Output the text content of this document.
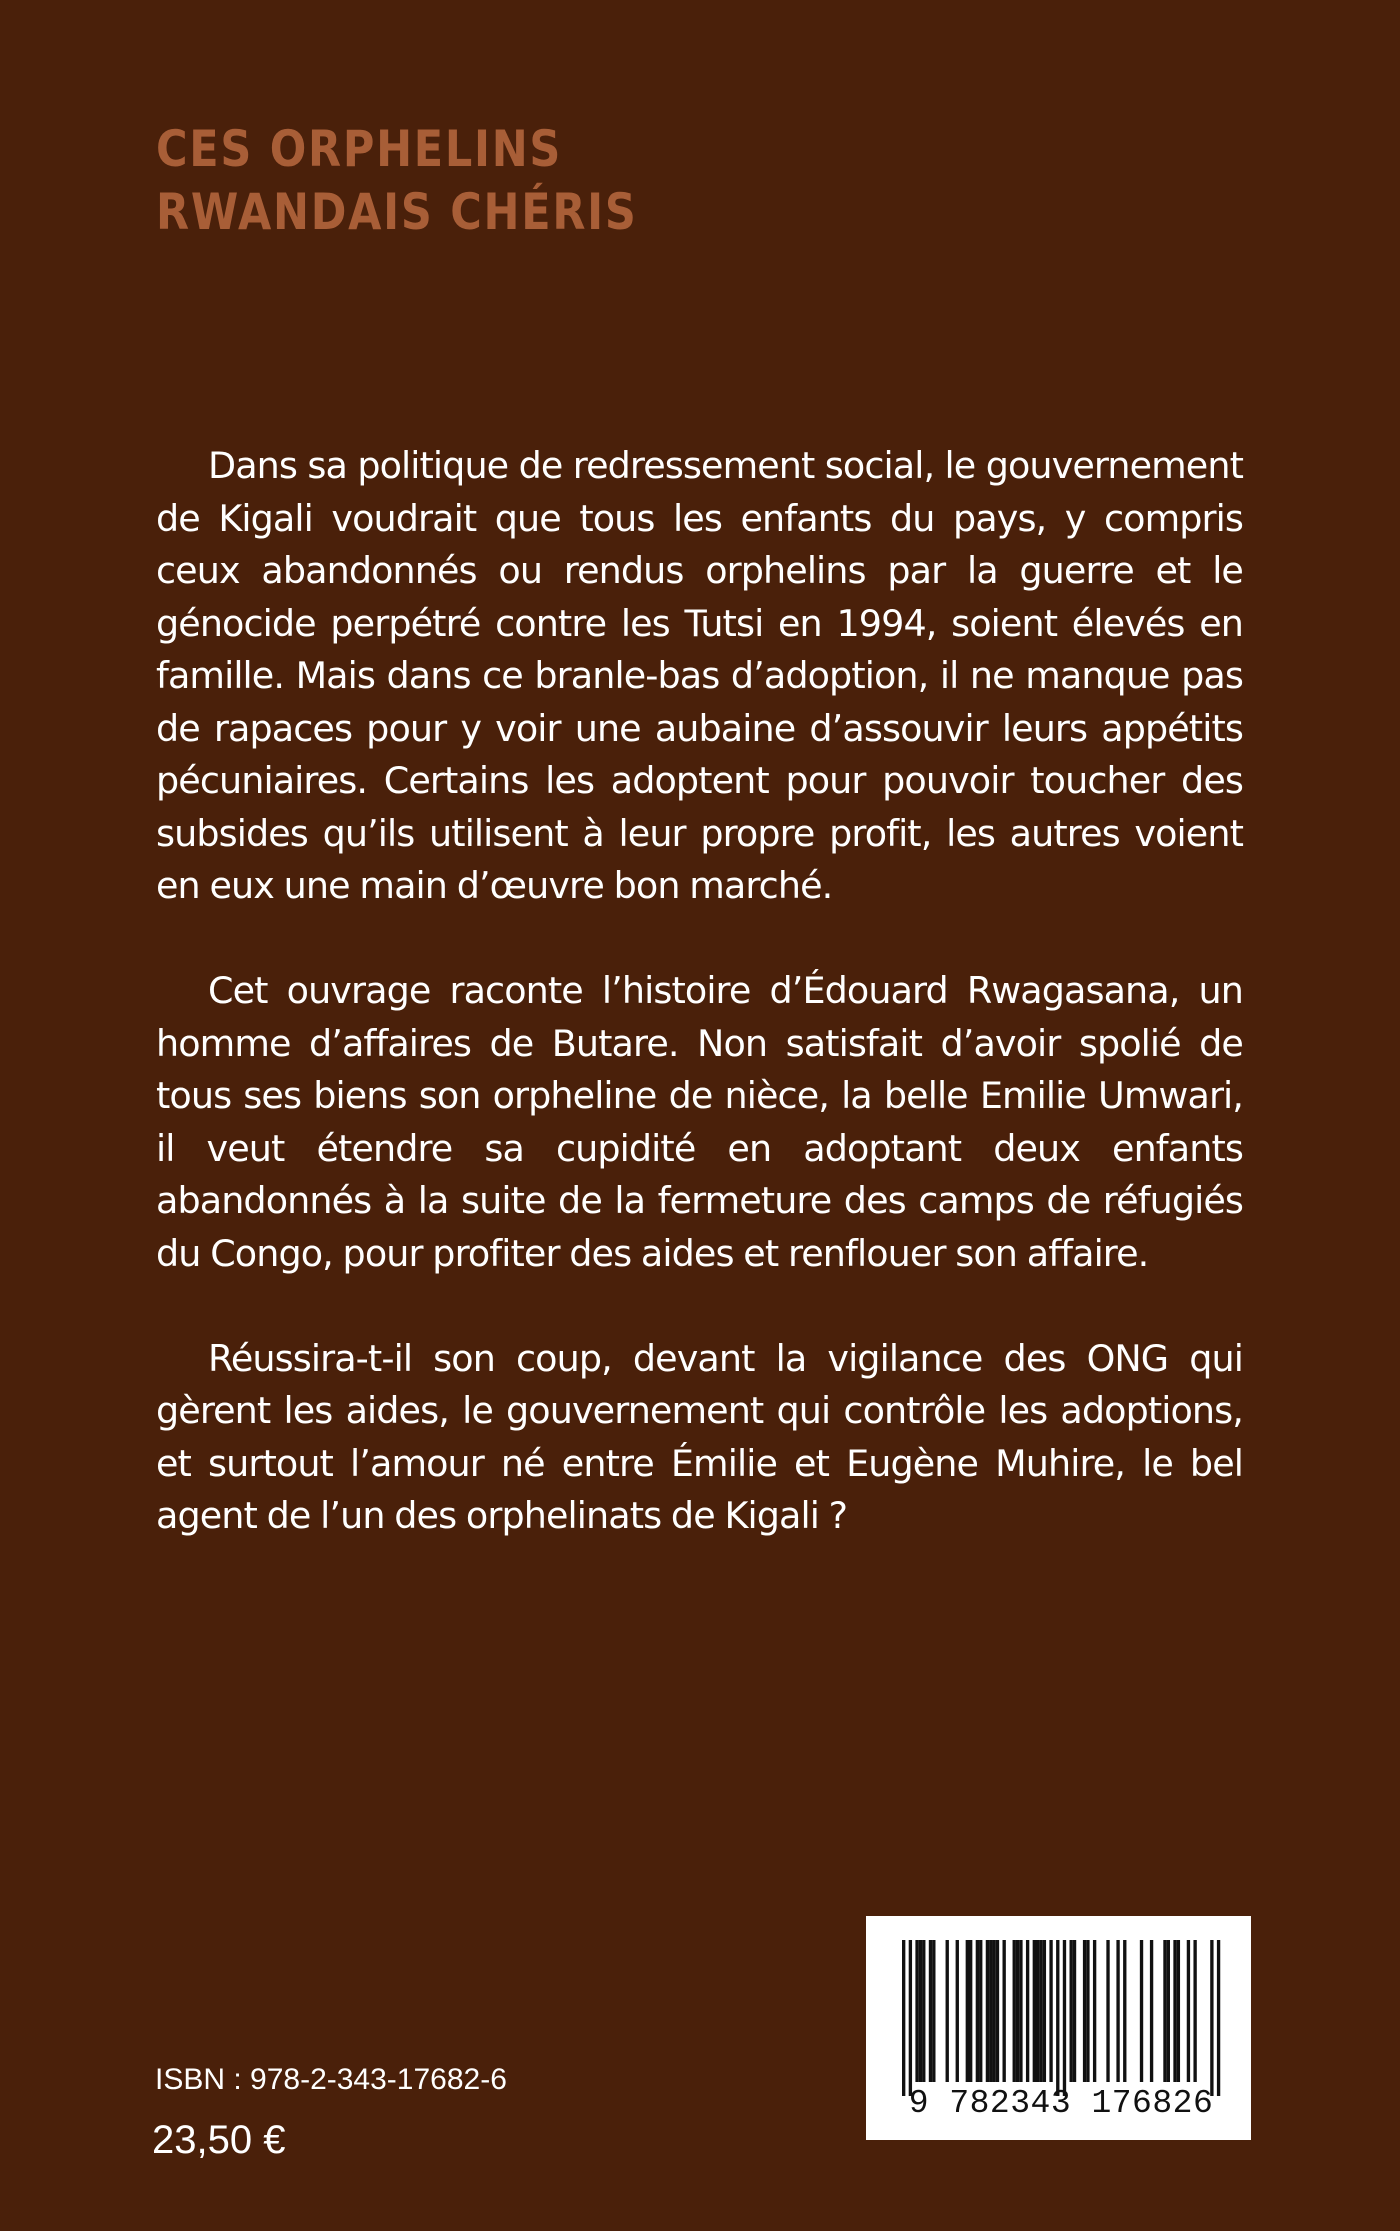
CES ORPHELINS
RWANDAIS CHÉRIS

Dans sa politique de redressement social, le gouvernement de Kigali voudrait que tous les enfants du pays, y compris ceux abandonnés ou rendus orphelins par la guerre et le génocide perpétré contre les Tutsi en 1994, soient élevés en famille. Mais dans ce branle-bas d’adoption, il ne manque pas de rapaces pour y voir une aubaine d’assouvir leurs appétits pécuniaires. Certains les adoptent pour pouvoir toucher des subsides qu’ils utilisent à leur propre profit, les autres voient en eux une main d’œuvre bon marché.

Cet ouvrage raconte l’histoire d’Édouard Rwagasana, un homme d’affaires de Butare. Non satisfait d’avoir spolié de tous ses biens son orpheline de nièce, la belle Emilie Umwari, il veut étendre sa cupidité en adoptant deux enfants abandonnés à la suite de la fermeture des camps de réfugiés du Congo, pour profiter des aides et renflouer son affaire.

Réussira-t-il son coup, devant la vigilance des ONG qui gèrent les aides, le gouvernement qui contrôle les adoptions, et surtout l’amour né entre Émilie et Eugène Muhire, le bel agent de l’un des orphelinats de Kigali ?

ISBN : 978-2-343-17682-6
23,50 €
9 782343 176826
